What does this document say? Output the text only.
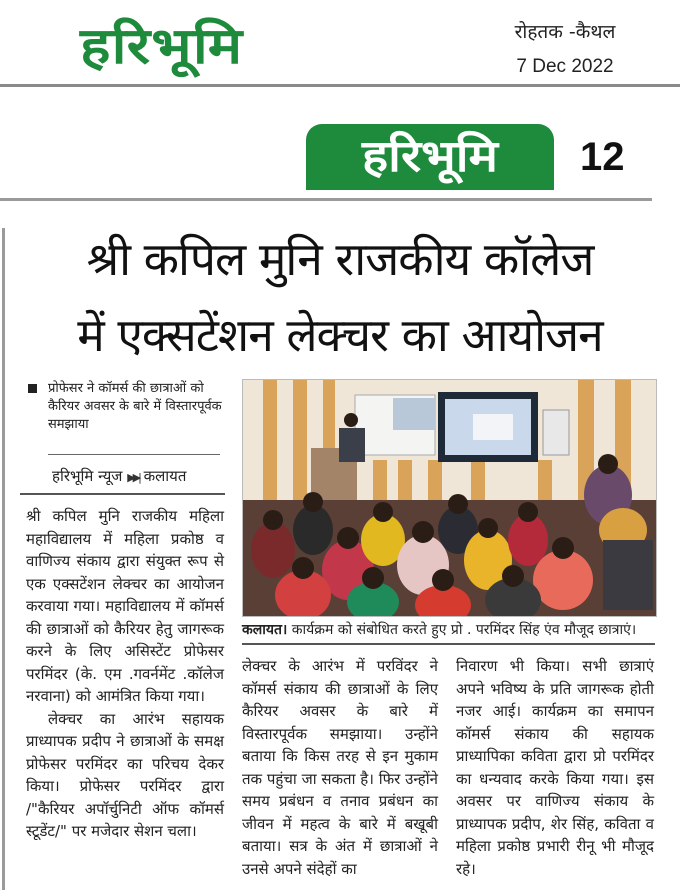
हरिभूमि	रोहतक -कैथल
7 Dec 2022
हरिभूमि	12
श्री कपिल मुनि राजकीय कॉलेज
में एक्सटेंशन लेक्चर का आयोजन
प्रोफेसर ने कॉमर्स की छात्राओं को कैरियर अवसर के बारे में विस्तारपूर्वक समझाया
हरिभूमि न्यूज ▶▶| कलायत

श्री कपिल मुनि राजकीय महिला महाविद्यालय में महिला प्रकोष्ठ व वाणिज्य संकाय द्वारा संयुक्त रूप से एक एक्सटेंशन लेक्चर का आयोजन करवाया गया। महाविद्यालय में कॉमर्स की छात्राओं को कैरियर हेतु जागरूक करने के लिए असिस्टेंट प्रोफेसर परमिंदर (के. एम .गवर्नमेंट .कॉलेज नरवाना) को आमंत्रित किया गया।

लेक्चर का आरंभ सहायक प्राध्यापक प्रदीप ने छात्राओं के समक्ष प्रोफेसर परमिंदर का परिचय देकर किया। प्रोफेसर परमिंदर द्वारा /"कैरियर अपॉर्चुनिटी ऑफ कॉमर्स स्टूडेंट/" पर मजेदार सेशन चला।

लेक्चर के आरंभ में परविंदर ने कॉमर्स संकाय की छात्राओं के लिए कैरियर अवसर के बारे में विस्तारपूर्वक समझाया। उन्होंने बताया कि किस तरह से इन मुकाम तक पहुंचा जा सकता है। फिर उन्होंने समय प्रबंधन व तनाव प्रबंधन का जीवन में महत्व के बारे में बखूबी बताया। सत्र के अंत में छात्राओं ने उनसे अपने संदेहों का

निवारण भी किया। सभी छात्राएं अपने भविष्य के प्रति जागरूक होती नजर आई। कार्यक्रम का समापन कॉमर्स संकाय की सहायक प्राध्यापिका कविता द्वारा प्रो परमिंदर का धन्यवाद करके किया गया। इस अवसर पर वाणिज्य संकाय के प्राध्यापक प्रदीप, शेर सिंह, कविता व महिला प्रकोष्ठ प्रभारी रीनू भी मौजूद रहे।

कलायत। कार्यक्रम को संबोधित करते हुए प्रो . परमिंदर सिंह एंव मौजूद छात्राएं।
